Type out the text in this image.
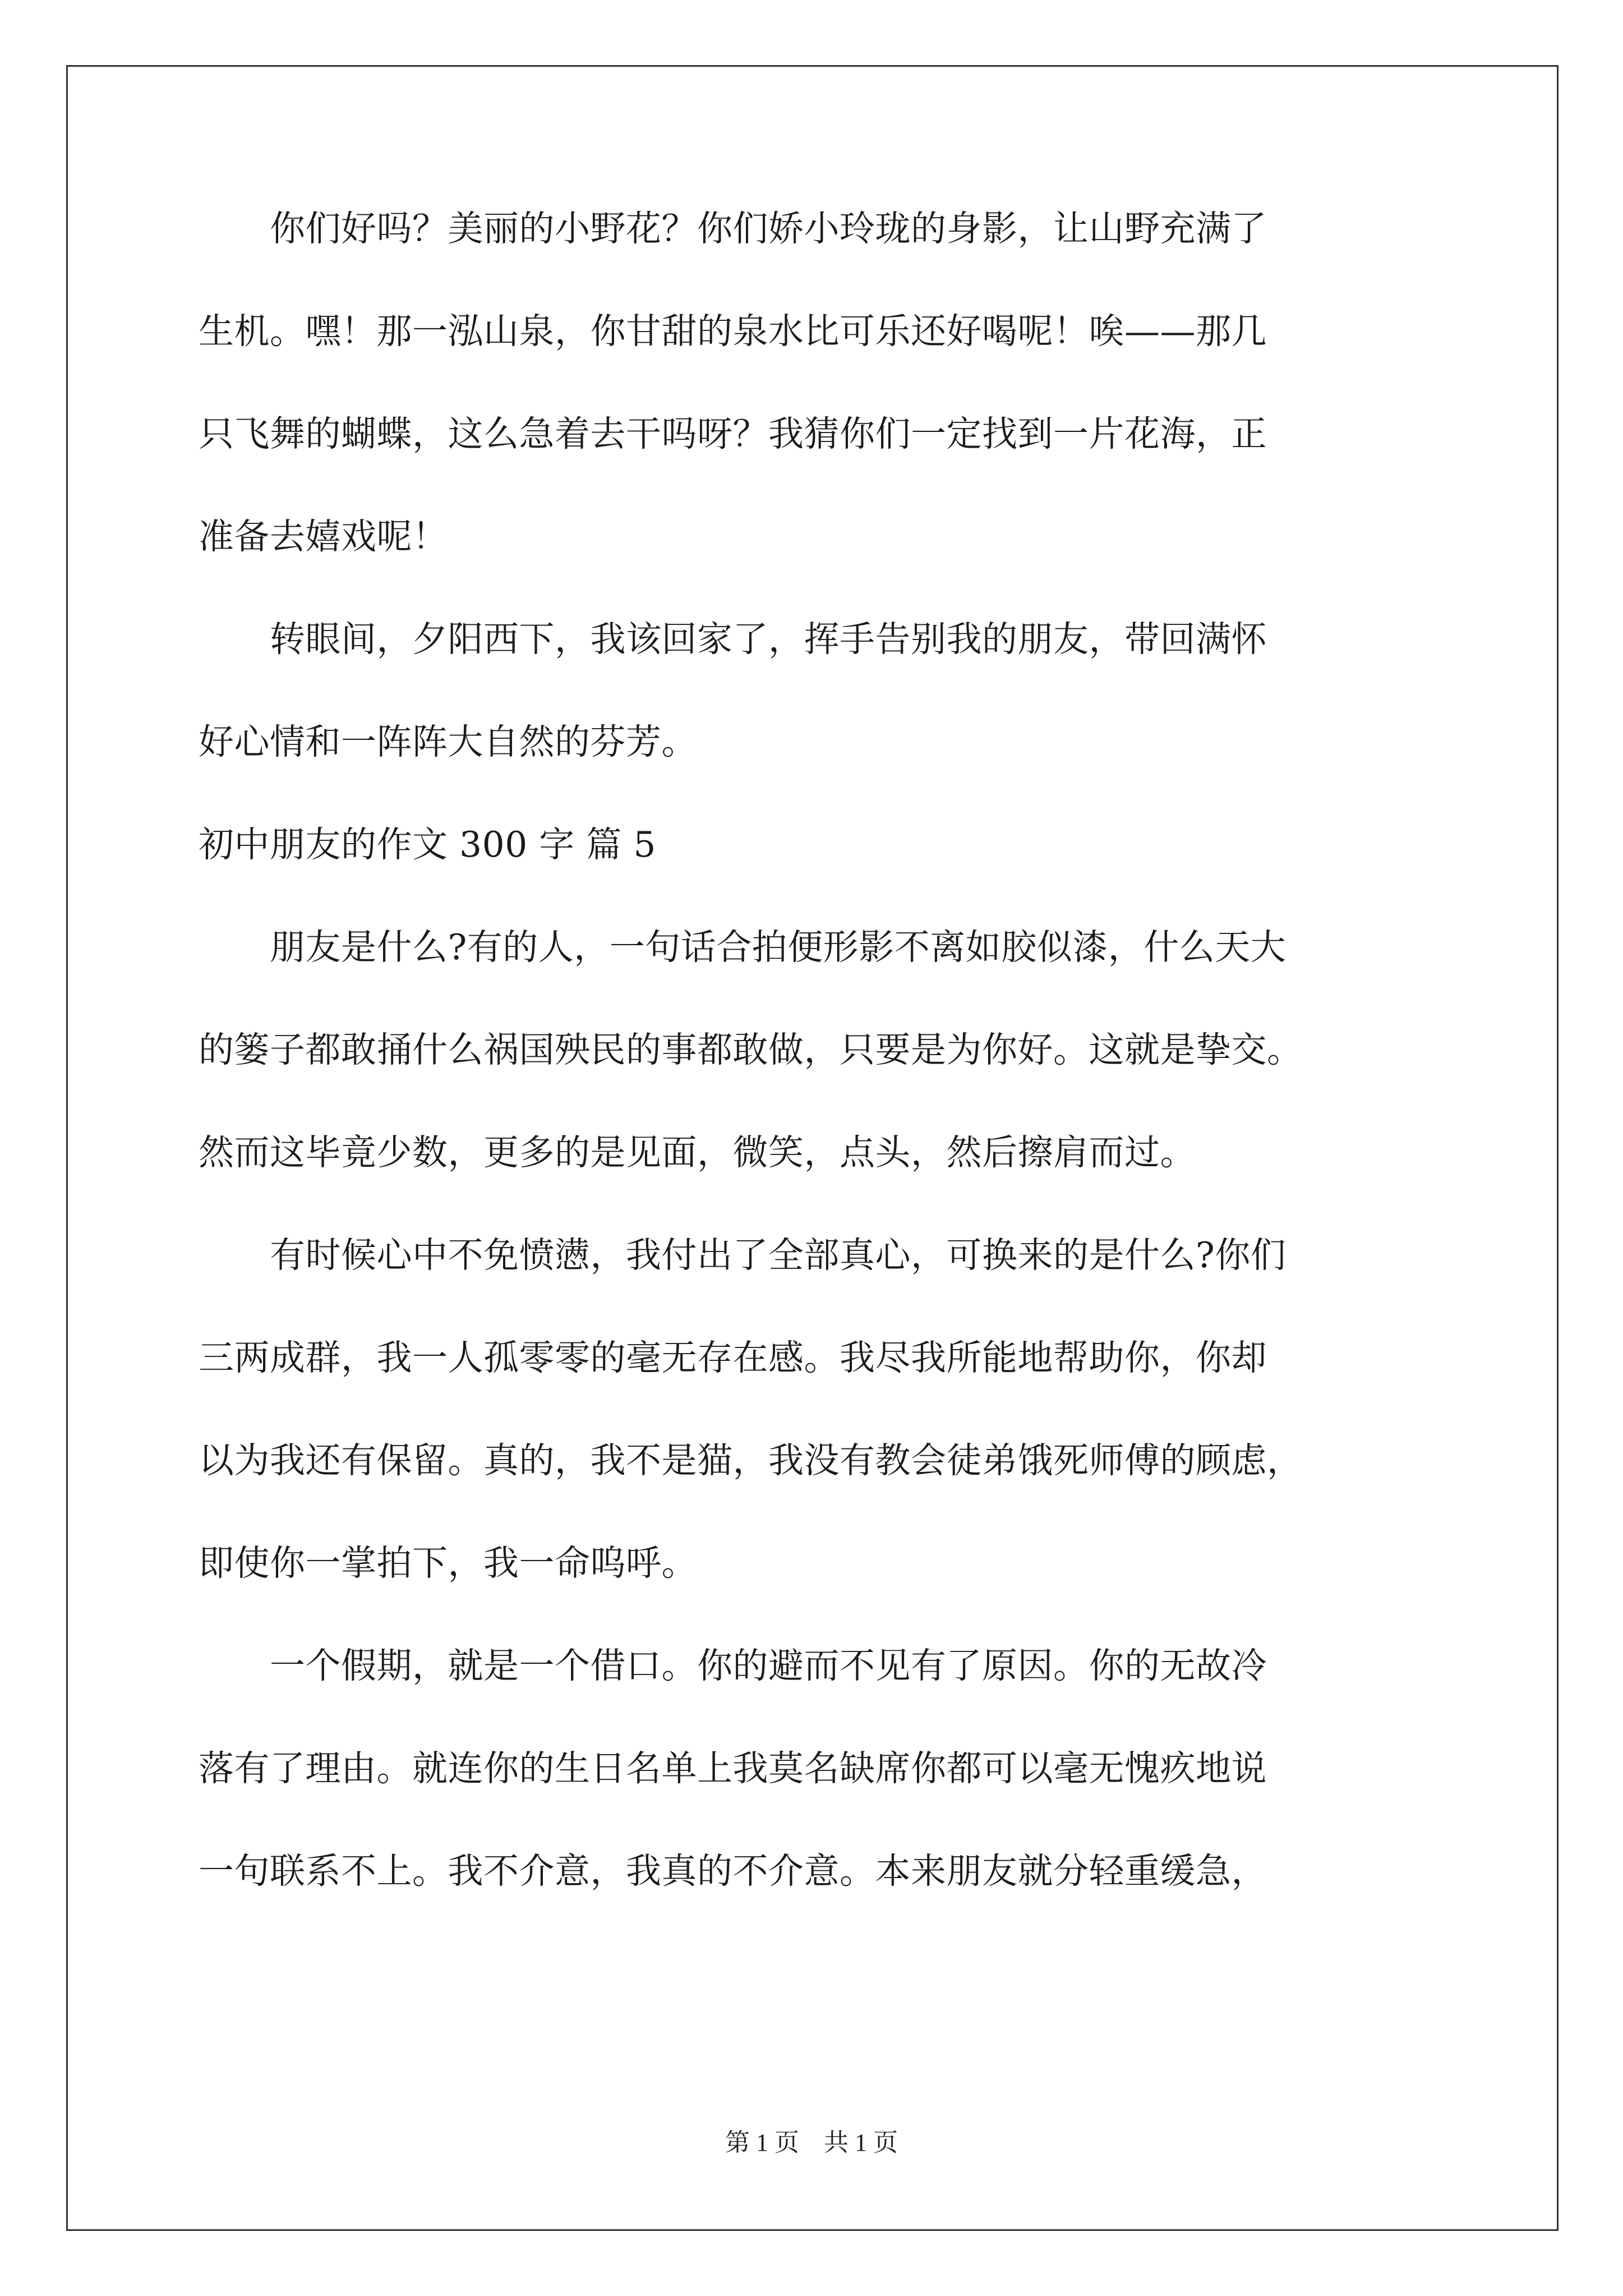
　　你们好吗？美丽的小野花？你们娇小玲珑的身影，让山野充满了
生机。嘿！那一泓山泉，你甘甜的泉水比可乐还好喝呢！唉——那几
只飞舞的蝴蝶，这么急着去干吗呀？我猜你们一定找到一片花海，正
准备去嬉戏呢！
　　转眼间，夕阳西下，我该回家了，挥手告别我的朋友，带回满怀
好心情和一阵阵大自然的芬芳。
初中朋友的作文 300 字 篇 5
　　朋友是什么?有的人，一句话合拍便形影不离如胶似漆，什么天大
的篓子都敢捅什么祸国殃民的事都敢做，只要是为你好。这就是挚交。
然而这毕竟少数，更多的是见面，微笑，点头，然后擦肩而过。
　　有时候心中不免愤懑，我付出了全部真心，可换来的是什么?你们
三两成群，我一人孤零零的毫无存在感。我尽我所能地帮助你，你却
以为我还有保留。真的，我不是猫，我没有教会徒弟饿死师傅的顾虑，
即使你一掌拍下，我一命呜呼。
　　一个假期，就是一个借口。你的避而不见有了原因。你的无故冷
落有了理由。就连你的生日名单上我莫名缺席你都可以毫无愧疚地说
一句联系不上。我不介意，我真的不介意。本来朋友就分轻重缓急，
第 1 页　共 1 页
